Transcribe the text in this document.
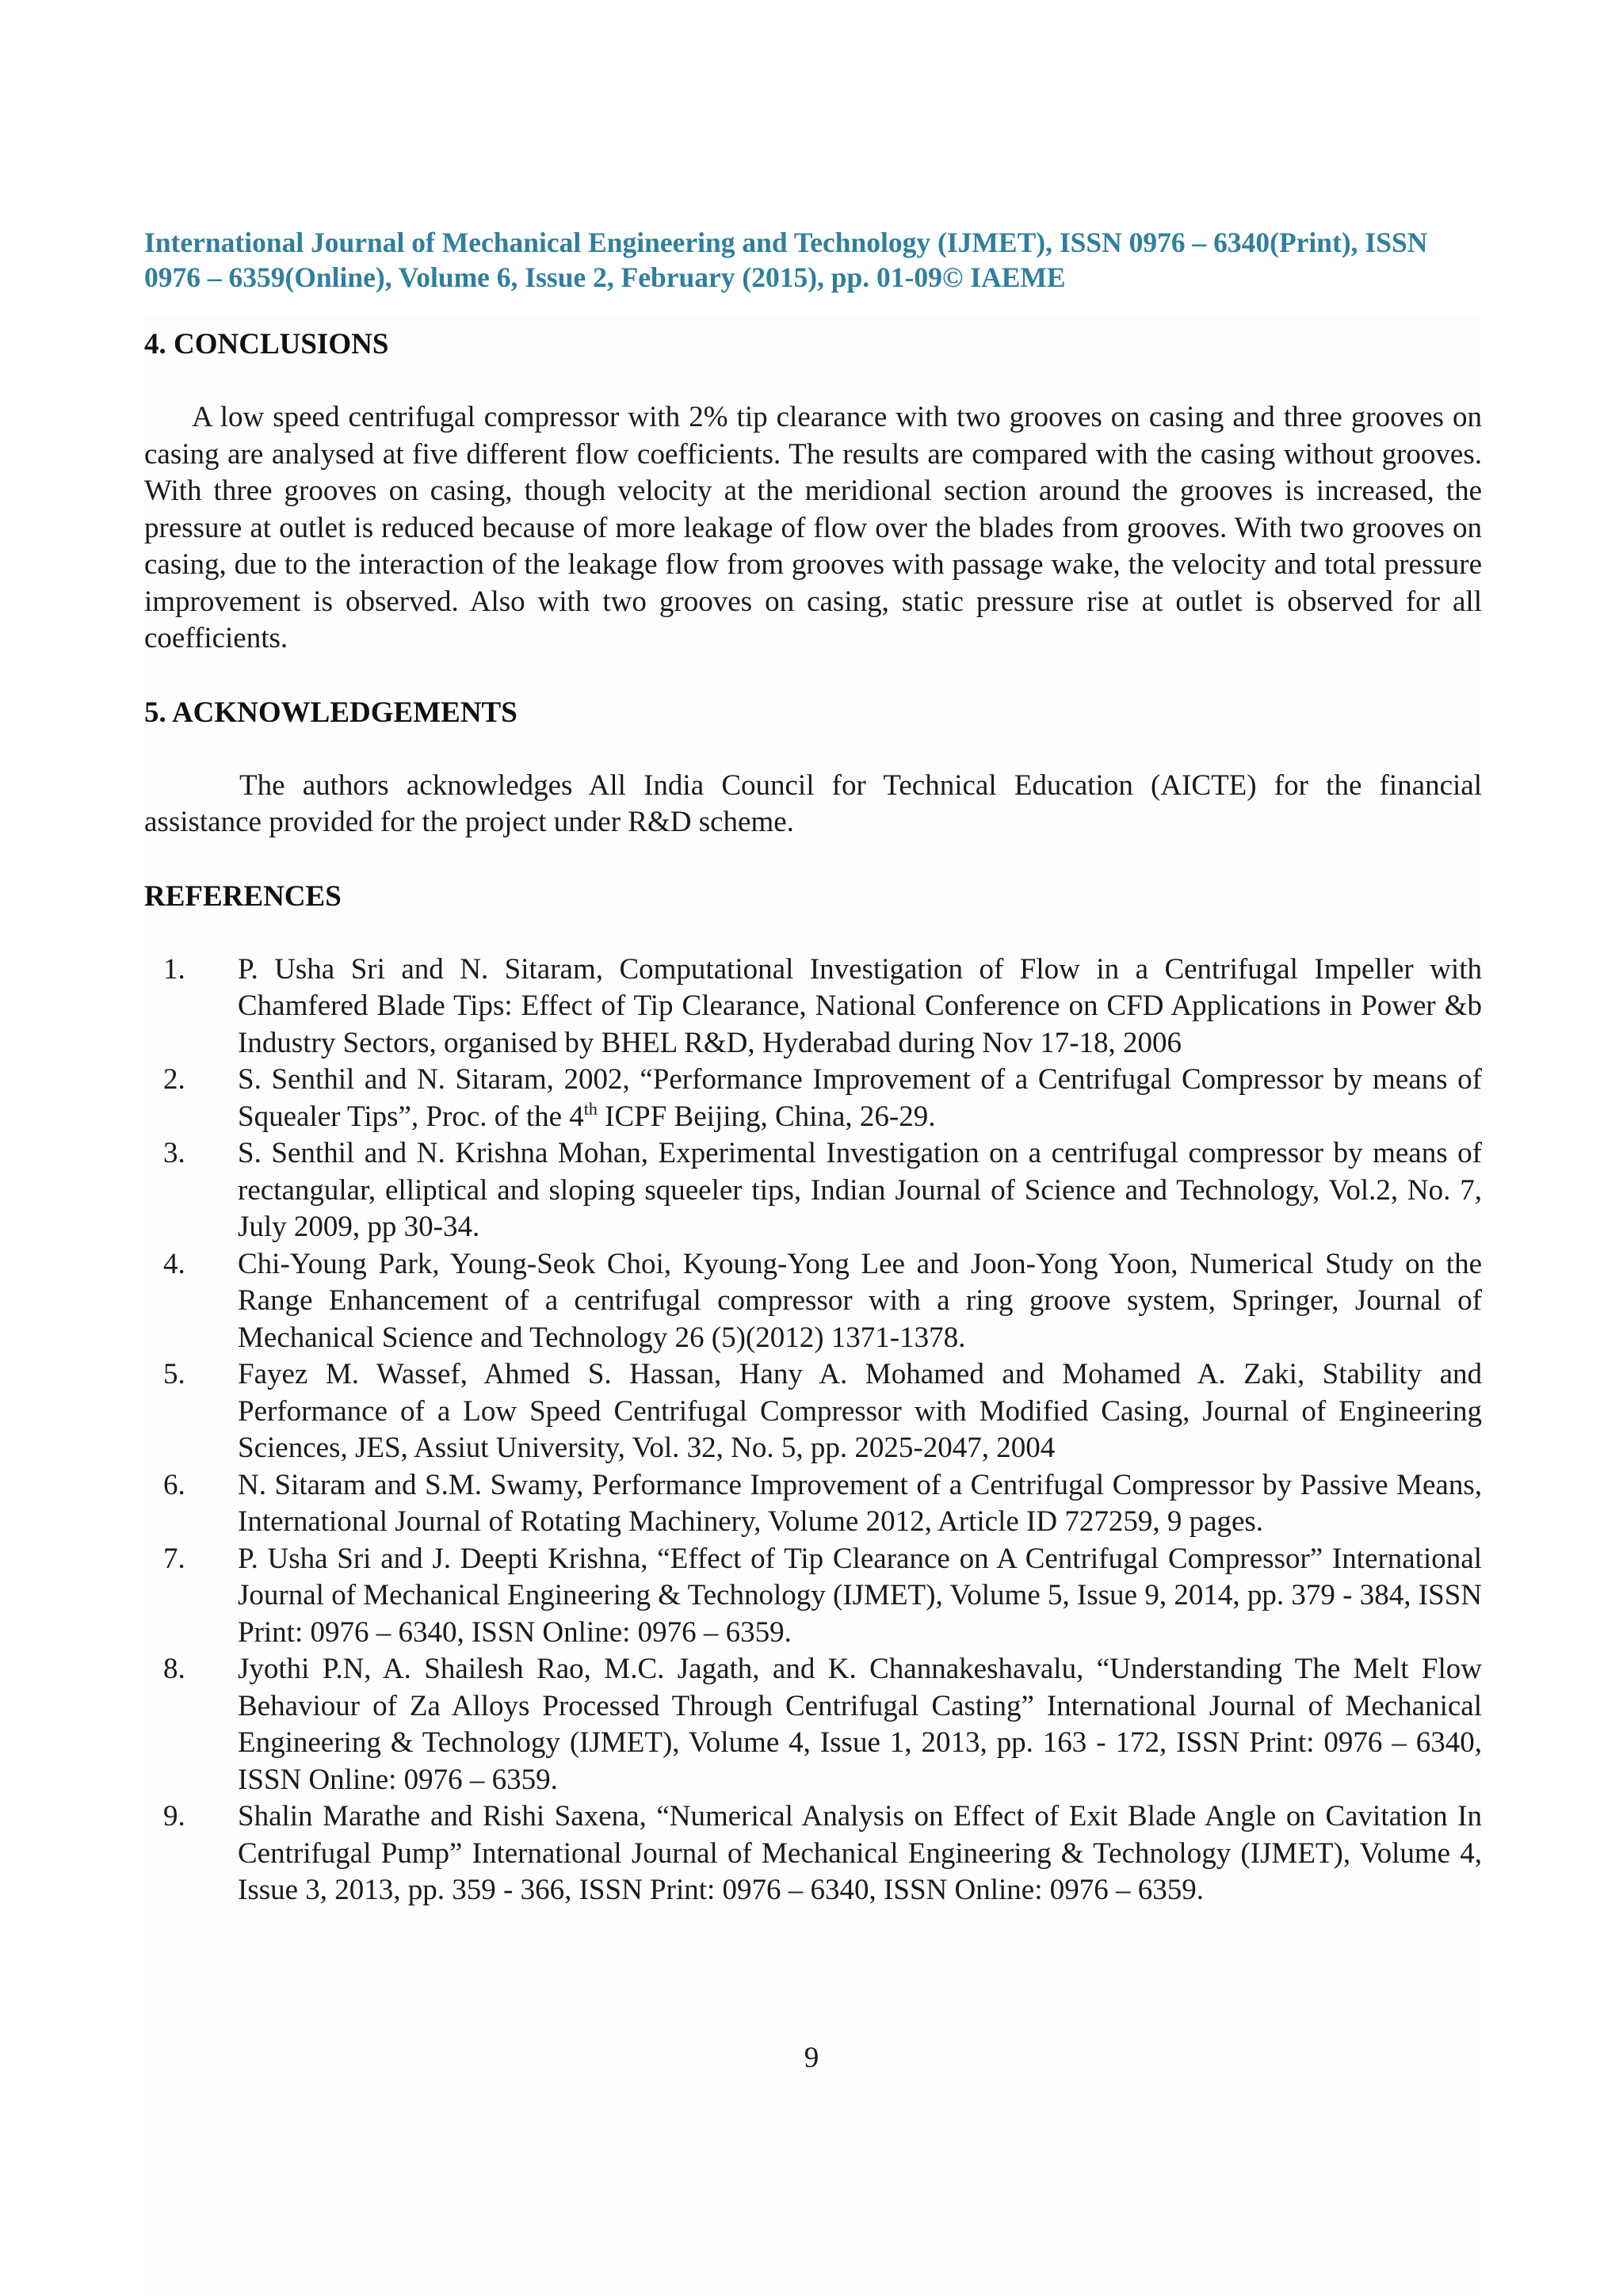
International Journal of Mechanical Engineering and Technology (IJMET), ISSN 0976 – 6340(Print), ISSN 0976 – 6359(Online), Volume 6, Issue 2, February (2015), pp. 01-09© IAEME

4. CONCLUSIONS

A low speed centrifugal compressor with 2% tip clearance with two grooves on casing and three grooves on casing are analysed at five different flow coefficients. The results are compared with the casing without grooves. With three grooves on casing, though velocity at the meridional section around the grooves is increased, the pressure at outlet is reduced because of more leakage of flow over the blades from grooves. With two grooves on casing, due to the interaction of the leakage flow from grooves with passage wake, the velocity and total pressure improvement is observed. Also with two grooves on casing, static pressure rise at outlet is observed for all coefficients.

5. ACKNOWLEDGEMENTS

The authors acknowledges All India Council for Technical Education (AICTE) for the financial assistance provided for the project under R&D scheme.

REFERENCES
1. P. Usha Sri and N. Sitaram, Computational Investigation of Flow in a Centrifugal Impeller with Chamfered Blade Tips: Effect of Tip Clearance, National Conference on CFD Applications in Power &b Industry Sectors, organised by BHEL R&D, Hyderabad during Nov 17-18, 2006
2. S. Senthil and N. Sitaram, 2002, “Performance Improvement of a Centrifugal Compressor by means of Squealer Tips”, Proc. of the 4th ICPF Beijing, China, 26-29.
3. S. Senthil and N. Krishna Mohan, Experimental Investigation on a centrifugal compressor by means of rectangular, elliptical and sloping squeeler tips, Indian Journal of Science and Technology, Vol.2, No. 7, July 2009, pp 30-34.
4. Chi-Young Park, Young-Seok Choi, Kyoung-Yong Lee and Joon-Yong Yoon, Numerical Study on the Range Enhancement of a centrifugal compressor with a ring groove system, Springer, Journal of Mechanical Science and Technology 26 (5)(2012) 1371-1378.
5. Fayez M. Wassef, Ahmed S. Hassan, Hany A. Mohamed and Mohamed A. Zaki, Stability and Performance of a Low Speed Centrifugal Compressor with Modified Casing, Journal of Engineering Sciences, JES, Assiut University, Vol. 32, No. 5, pp. 2025-2047, 2004
6. N. Sitaram and S.M. Swamy, Performance Improvement of a Centrifugal Compressor by Passive Means, International Journal of Rotating Machinery, Volume 2012, Article ID 727259, 9 pages.
7. P. Usha Sri and J. Deepti Krishna, “Effect of Tip Clearance on A Centrifugal Compressor” International Journal of Mechanical Engineering & Technology (IJMET), Volume 5, Issue 9, 2014, pp. 379 - 384, ISSN Print: 0976 – 6340, ISSN Online: 0976 – 6359.
8. Jyothi P.N, A. Shailesh Rao, M.C. Jagath, and K. Channakeshavalu, “Understanding The Melt Flow Behaviour of Za Alloys Processed Through Centrifugal Casting” International Journal of Mechanical Engineering & Technology (IJMET), Volume 4, Issue 1, 2013, pp. 163 - 172, ISSN Print: 0976 – 6340, ISSN Online: 0976 – 6359.
9. Shalin Marathe and Rishi Saxena, “Numerical Analysis on Effect of Exit Blade Angle on Cavitation In Centrifugal Pump” International Journal of Mechanical Engineering & Technology (IJMET), Volume 4, Issue 3, 2013, pp. 359 - 366, ISSN Print: 0976 – 6340, ISSN Online: 0976 – 6359.
9
